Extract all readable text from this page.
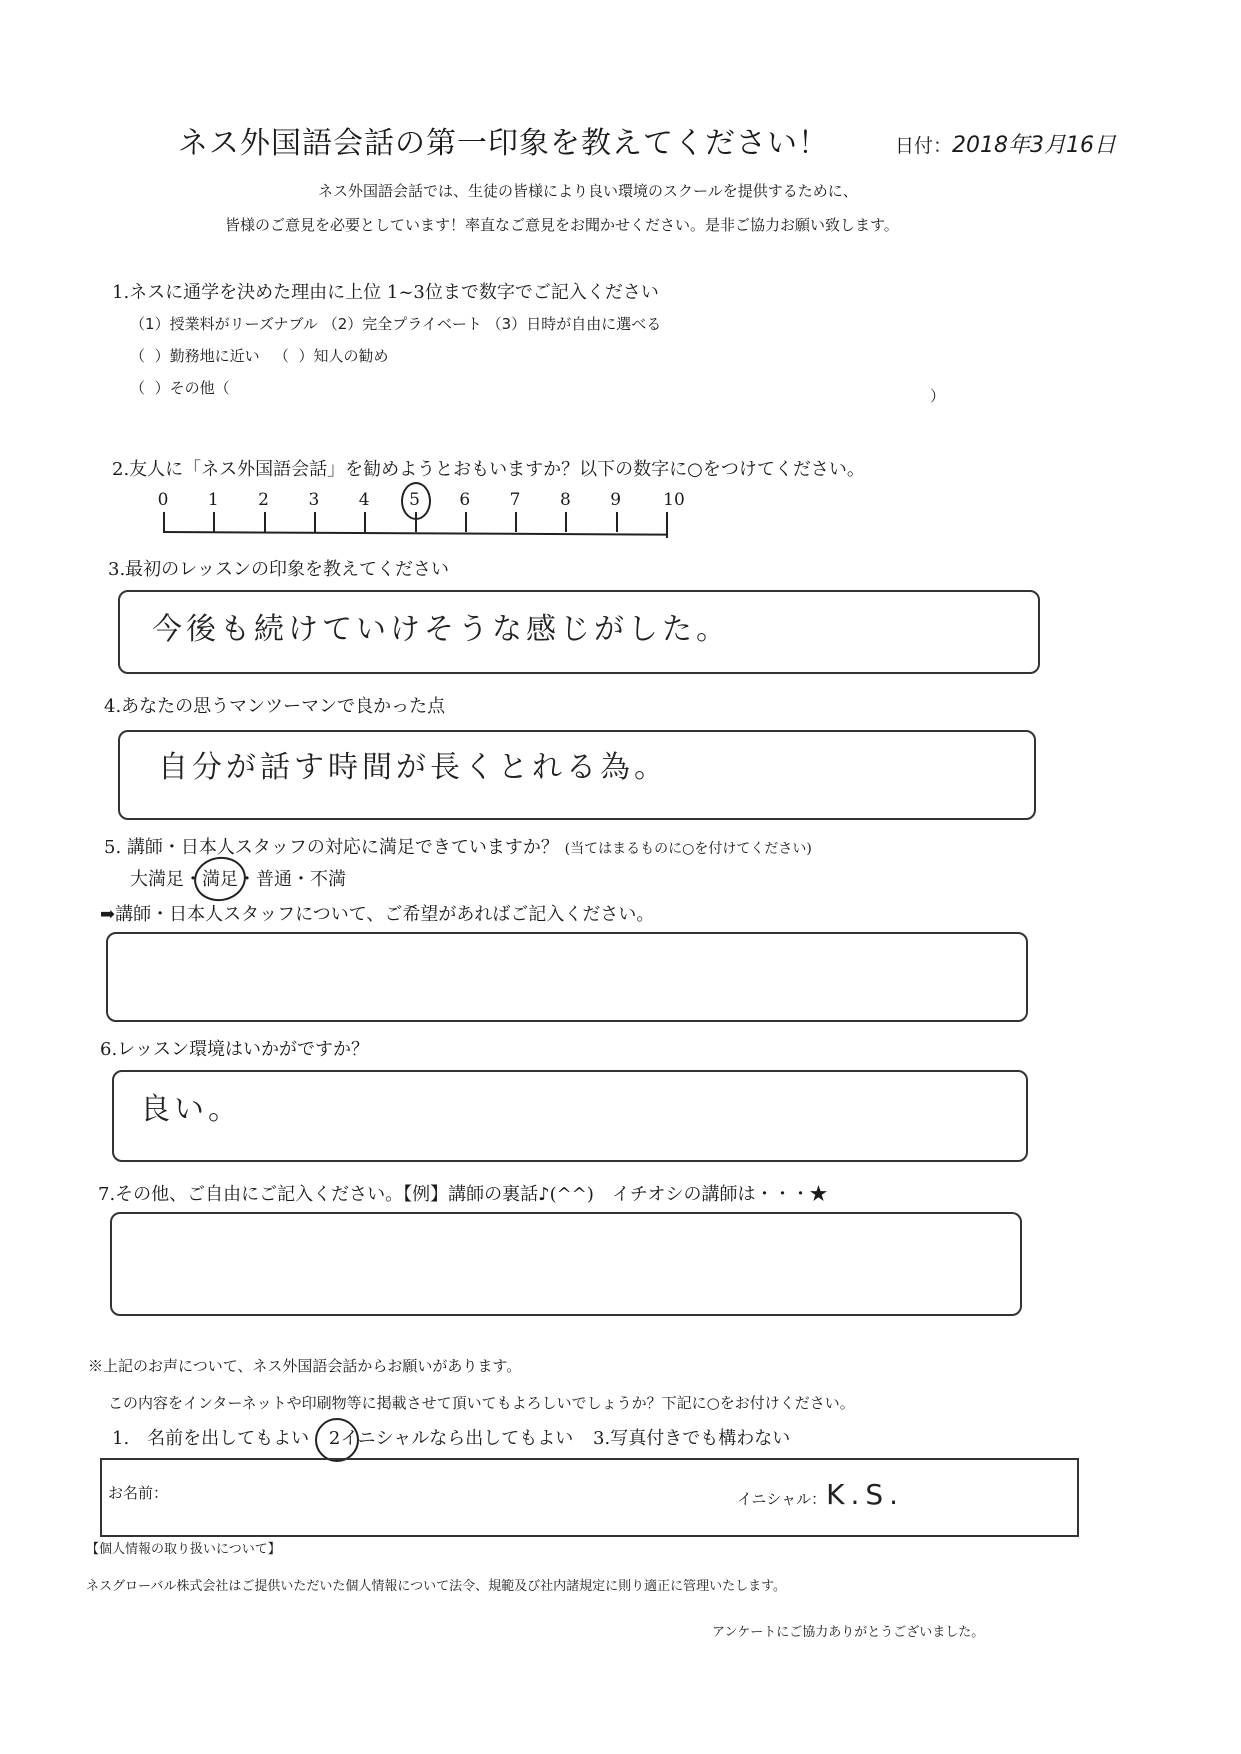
ネス外国語会話の第一印象を教えてください！	日付：2018年3月16日
ネス外国語会話では、生徒の皆様により良い環境のスクールを提供するために、
皆様のご意見を必要としています！率直なご意見をお聞かせください。是非ご協力お願い致します。
1.ネスに通学を決めた理由に上位 1~3位まで数字でご記入ください
（1）授業料がリーズナブル （2）完全プライベート （3）日時が自由に選べる
（  ）勤務地に近い   （  ）知人の勧め
（  ）その他（	）
2.友人に「ネス外国語会話」を勧めようとおもいますか？以下の数字に○をつけてください。
0	1	2	3	4	5	6	7	8	9	10
3.最初のレッスンの印象を教えてください
今後も続けていけそうな感じがした。
4.あなたの思うマンツーマンで良かった点
自分が話す時間が長くとれる為。
5. 講師・日本人スタッフの対応に満足できていますか？ (当てはまるものに○を付けてください)
大満足・満足
・普通・不満
➡講師・日本人スタッフについて、ご希望があればご記入ください。
6.レッスン環境はいかがですか？
良い。
7.その他、ご自由にご記入ください。【例】講師の裏話♪(^^)　イチオシの講師は・・・★
※上記のお声について、ネス外国語会話からお願いがあります。
この内容をインターネットや印刷物等に掲載させて頂いてもよろしいでしょうか？下記に○をお付けください。
1.　名前を出してもよい 2
イニシャルなら出してもよい 3.写真付きでも構わない
お名前：	イニシャル：K.S.
【個人情報の取り扱いについて】
ネスグローバル株式会社はご提供いただいた個人情報について法令、規範及び社内諸規定に則り適正に管理いたします。
アンケートにご協力ありがとうございました。
